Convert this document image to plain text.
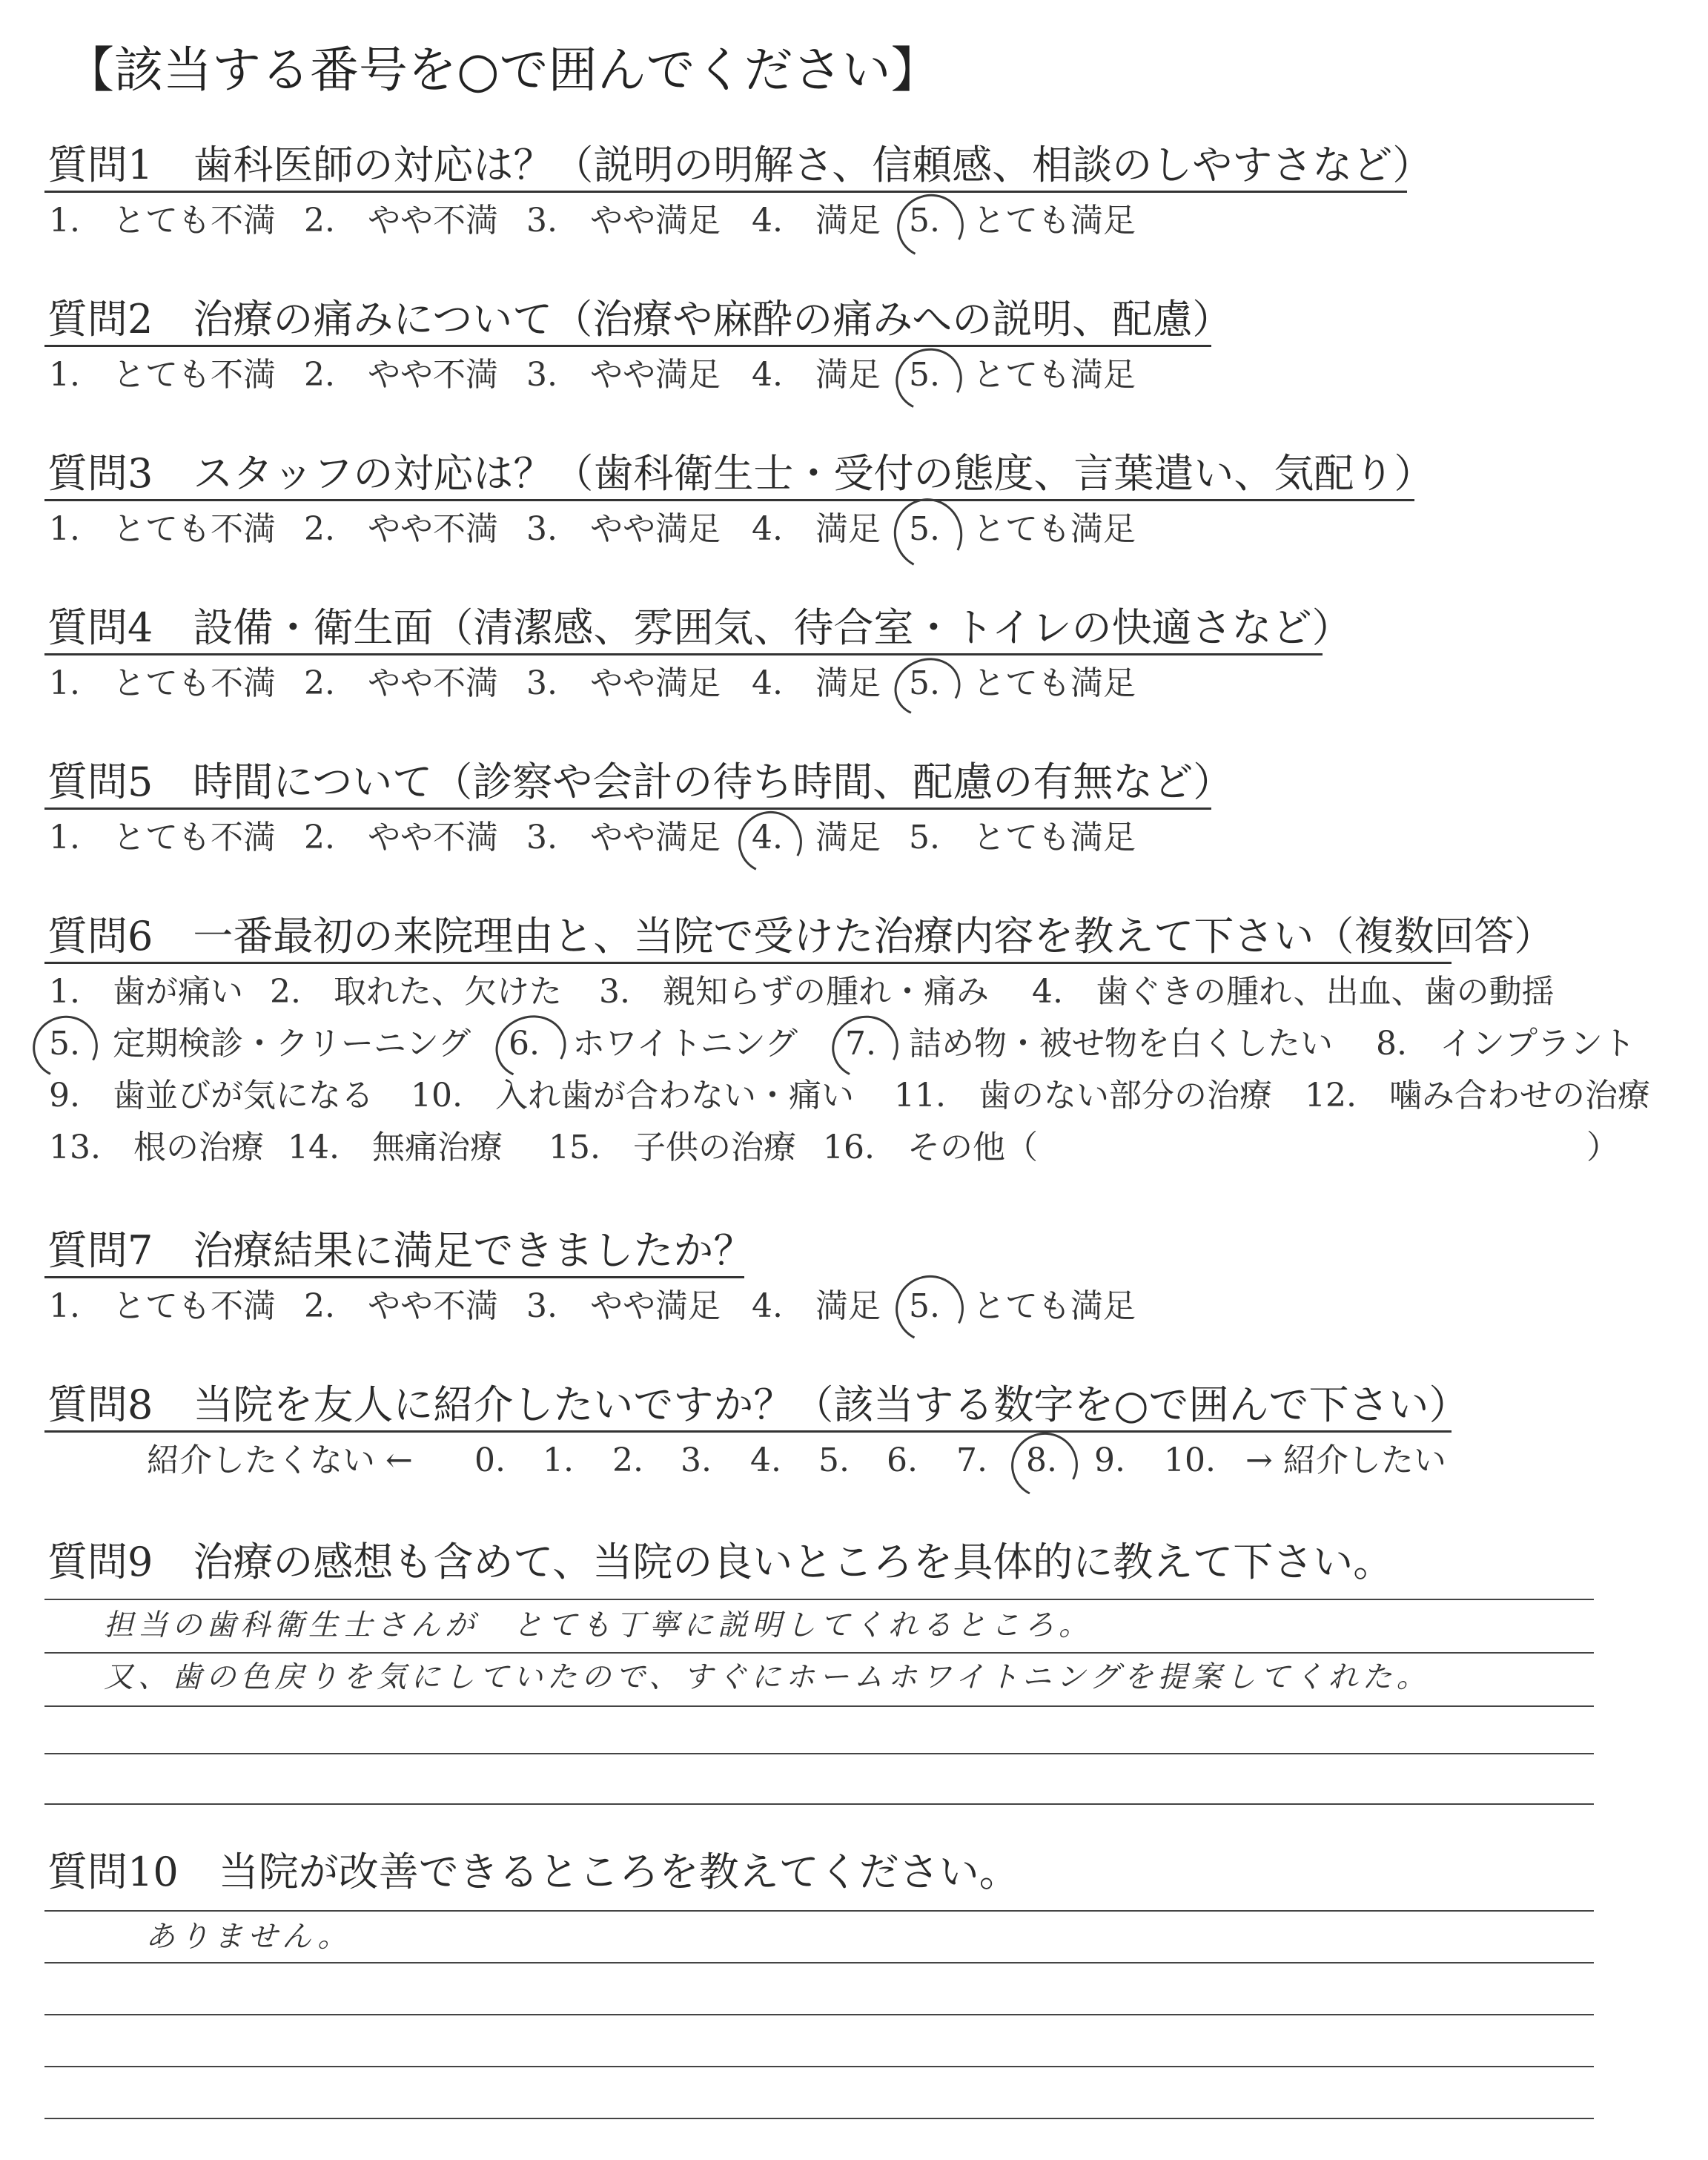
【該当する番号を○で囲んでください】
質問1　歯科医師の対応は？（説明の明解さ、信頼感、相談のしやすさなど）
1.　とても不満 2.　やや不満 3.　やや満足 4.　満足 5.　とても満足
質問2　治療の痛みについて（治療や麻酔の痛みへの説明、配慮）
1.　とても不満 2.　やや不満 3.　やや満足 4.　満足 5.　とても満足
質問3　スタッフの対応は？（歯科衛生士・受付の態度、言葉遣い、気配り）
1.　とても不満 2.　やや不満 3.　やや満足 4.　満足 5.　とても満足
質問4　設備・衛生面（清潔感、雰囲気、待合室・トイレの快適さなど）
1.　とても不満 2.　やや不満 3.　やや満足 4.　満足 5.　とても満足
質問5　時間について（診察や会計の待ち時間、配慮の有無など）
1.　とても不満 2.　やや不満 3.　やや満足 4.　満足 5.　とても満足
質問6　一番最初の来院理由と、当院で受けた治療内容を教えて下さい（複数回答）
1.　歯が痛い 2.　取れた、欠けた 3.　親知らずの腫れ・痛み 4.　歯ぐきの腫れ、出血、歯の動揺
5.　定期検診・クリーニング 6.　ホワイトニング 7.　詰め物・被せ物を白くしたい 8.　インプラント
9.　歯並びが気になる 10.　入れ歯が合わない・痛い 11.　歯のない部分の治療 12.　噛み合わせの治療
13.　根の治療 14.　無痛治療 15.　子供の治療 16.　その他（	）
質問7　治療結果に満足できましたか？
1.　とても不満 2.　やや不満 3.　やや満足 4.　満足 5.　とても満足
質問8　当院を友人に紹介したいですか？（該当する数字を○で囲んで下さい）
紹介したくない ← 0. 1. 2. 3. 4. 5. 6. 7. 8. 9. 10. → 紹介したい
質問9　治療の感想も含めて、当院の良いところを具体的に教えて下さい。
担当の歯科衛生士さんが　とても丁寧に説明してくれるところ。
又、歯の色戻りを気にしていたので、すぐにホームホワイトニングを提案してくれた。
質問10　当院が改善できるところを教えてください。
ありません。
